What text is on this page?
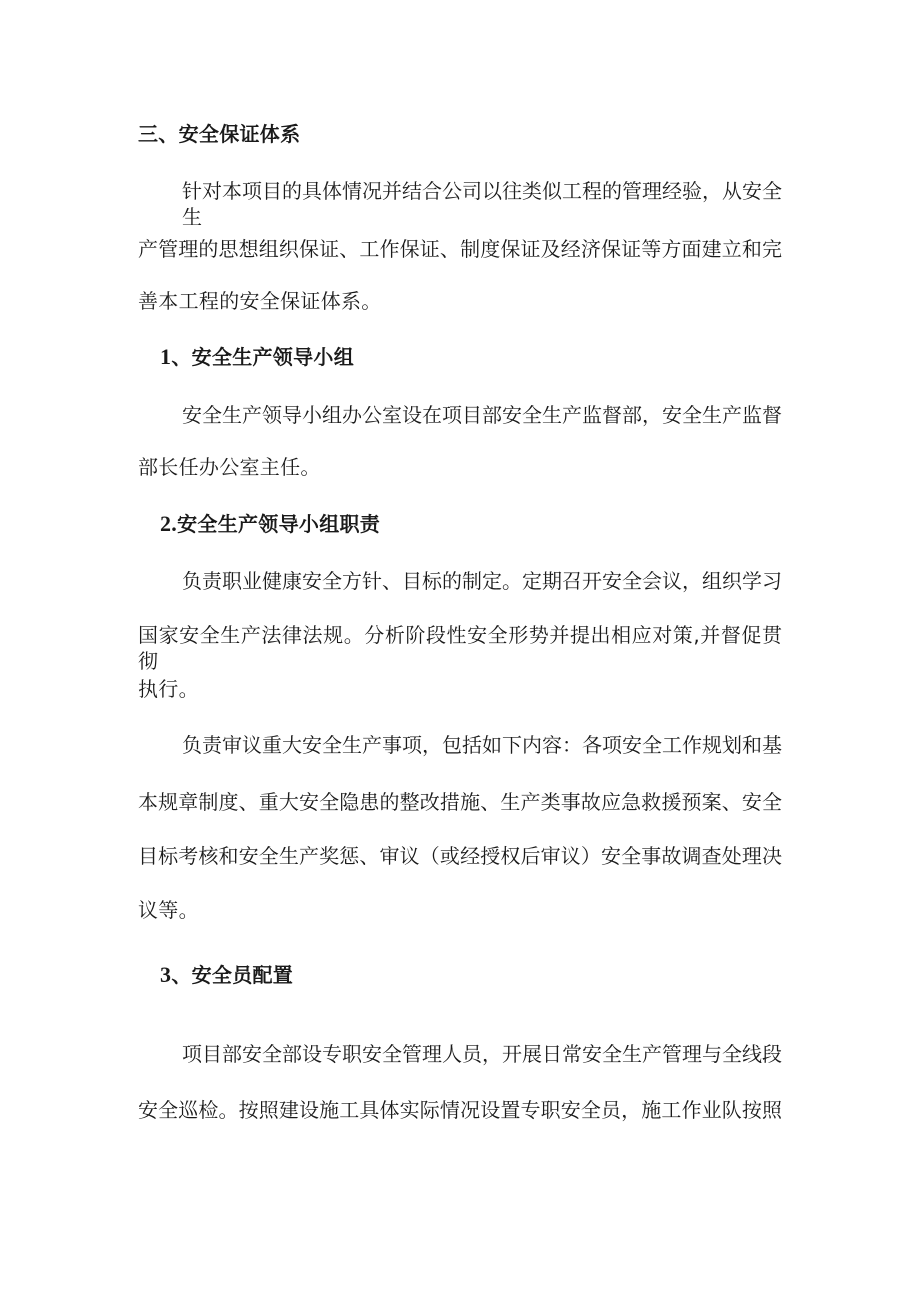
三、安全保证体系
针对本项目的具体情况并结合公司以往类似工程的管理经验，从安全生
产管理的思想组织保证、工作保证、制度保证及经济保证等方面建立和完
善本工程的安全保证体系。
1、安全生产领导小组
安全生产领导小组办公室设在项目部安全生产监督部，安全生产监督
部长任办公室主任。
2.安全生产领导小组职责
负责职业健康安全方针、目标的制定。定期召开安全会议，组织学习
国家安全生产法律法规。分析阶段性安全形势并提出相应对策,并督促贯彻
执行。
负责审议重大安全生产事项，包括如下内容：各项安全工作规划和基
本规章制度、重大安全隐患的整改措施、生产类事故应急救援预案、安全
目标考核和安全生产奖惩、审议（或经授权后审议）安全事故调查处理决
议等。
3、安全员配置
项目部安全部设专职安全管理人员，开展日常安全生产管理与全线段
安全巡检。按照建设施工具体实际情况设置专职安全员，施工作业队按照
